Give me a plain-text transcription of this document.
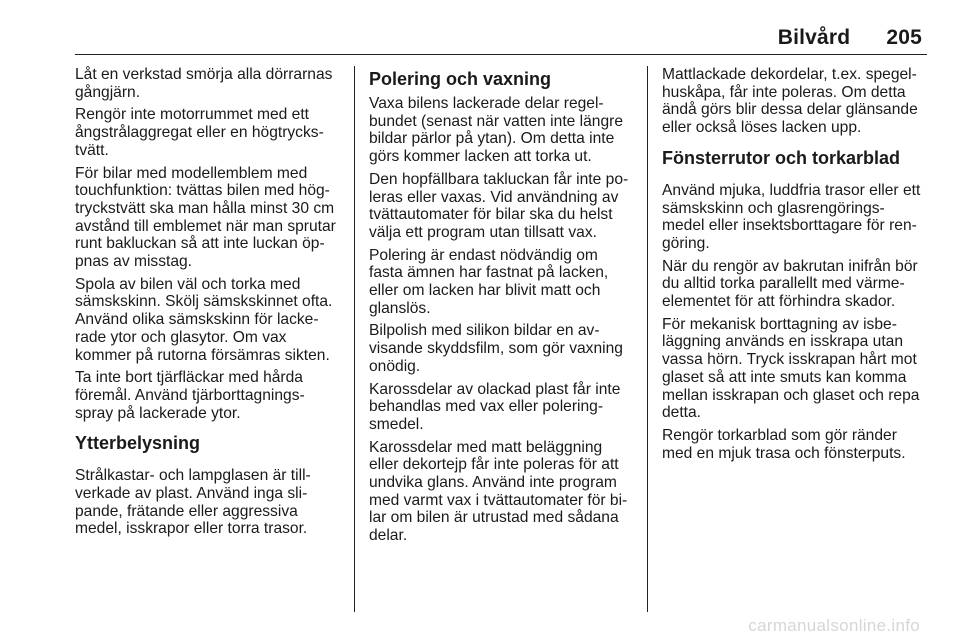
Bilvård 205

Låt en verkstad smörja alla dörrarnas
gångjärn.

Rengör inte motorrummet med ett
ångstrålaggregat eller en högtrycks-
tvätt.

För bilar med modellemblem med
touchfunktion: tvättas bilen med hög-
tryckstvätt ska man hålla minst 30 cm
avstånd till emblemet när man sprutar
runt bakluckan så att inte luckan öp-
pnas av misstag.

Spola av bilen väl och torka med
sämskskinn. Skölj sämskskinnet ofta.
Använd olika sämskskinn för lacke-
rade ytor och glasytor. Om vax
kommer på rutorna försämras sikten.

Ta inte bort tjärfläckar med hårda
föremål. Använd tjärborttagnings-
spray på lackerade ytor.

Ytterbelysning

Strålkastar- och lampglasen är till-
verkade av plast. Använd inga sli-
pande, frätande eller aggressiva
medel, isskrapor eller torra trasor.

Polering och vaxning

Vaxa bilens lackerade delar regel-
bundet (senast när vatten inte längre
bildar pärlor på ytan). Om detta inte
görs kommer lacken att torka ut.

Den hopfällbara takluckan får inte po-
leras eller vaxas. Vid användning av
tvättautomater för bilar ska du helst
välja ett program utan tillsatt vax.

Polering är endast nödvändig om
fasta ämnen har fastnat på lacken,
eller om lacken har blivit matt och
glanslös.

Bilpolish med silikon bildar en av-
visande skyddsfilm, som gör vaxning
onödig.

Karossdelar av olackad plast får inte
behandlas med vax eller polering-
smedel.

Karossdelar med matt beläggning
eller dekortejp får inte poleras för att
undvika glans. Använd inte program
med varmt vax i tvättautomater för bi-
lar om bilen är utrustad med sådana
delar.

Mattlackade dekordelar, t.ex. spegel-
huskåpa, får inte poleras. Om detta
ändå görs blir dessa delar glänsande
eller också löses lacken upp.

Fönsterrutor och torkarblad

Använd mjuka, luddfria trasor eller ett
sämskskinn och glasrengörings-
medel eller insektsborttagare för ren-
göring.

När du rengör av bakrutan inifrån bör
du alltid torka parallellt med värme-
elementet för att förhindra skador.

För mekanisk borttagning av isbe-
läggning används en isskrapa utan
vassa hörn. Tryck isskrapan hårt mot
glaset så att inte smuts kan komma
mellan isskrapan och glaset och repa
detta.

Rengör torkarblad som gör ränder
med en mjuk trasa och fönsterputs.

carmanualsonline.info
